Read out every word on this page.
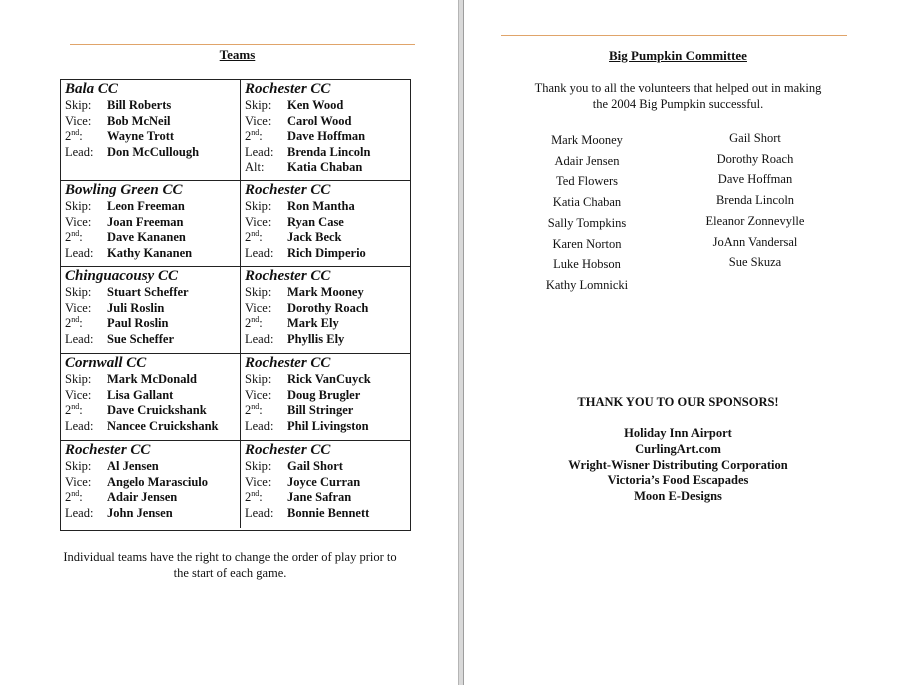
Teams
Bala CC
Skip:	Bill Roberts
Vice:	Bob McNeil
2nd:	Wayne Trott
Lead:	Don McCullough
Rochester CC
Skip:	Ken Wood
Vice:	Carol Wood
2nd:	Dave Hoffman
Lead:	Brenda Lincoln
Alt:	Katia Chaban
Bowling Green CC
Skip:	Leon Freeman
Vice:	Joan Freeman
2nd:	Dave Kananen
Lead:	Kathy Kananen
Rochester CC
Skip:	Ron Mantha
Vice:	Ryan Case
2nd:	Jack Beck
Lead:	Rich Dimperio
Chinguacousy CC
Skip:	Stuart Scheffer
Vice:	Juli Roslin
2nd:	Paul Roslin
Lead:	Sue Scheffer
Rochester CC
Skip:	Mark Mooney
Vice:	Dorothy Roach
2nd:	Mark Ely
Lead:	Phyllis Ely
Cornwall CC
Skip:	Mark McDonald
Vice:	Lisa Gallant
2nd:	Dave Cruickshank
Lead:	Nancee Cruickshank
Rochester CC
Skip:	Rick VanCuyck
Vice:	Doug Brugler
2nd:	Bill Stringer
Lead:	Phil Livingston
Rochester CC
Skip:	Al Jensen
Vice:	Angelo Marasciulo
2nd:	Adair Jensen
Lead:	John Jensen
Rochester CC
Skip:	Gail Short
Vice:	Joyce Curran
2nd:	Jane Safran
Lead:	Bonnie Bennett
Individual teams have the right to change the order of play prior to the start of each game.
Big Pumpkin Committee
Thank you to all the volunteers that helped out in making the 2004 Big Pumpkin successful.
Mark Mooney
Adair Jensen
Ted Flowers
Katia Chaban
Sally Tompkins
Karen Norton
Luke Hobson
Kathy Lomnicki
Gail Short
Dorothy Roach
Dave Hoffman
Brenda Lincoln
Eleanor Zonnevylle
JoAnn Vandersal
Sue Skuza
THANK YOU TO OUR SPONSORS!
Holiday Inn Airport
CurlingArt.com
Wright-Wisner Distributing Corporation
Victoria’s Food Escapades
Moon E-Designs
